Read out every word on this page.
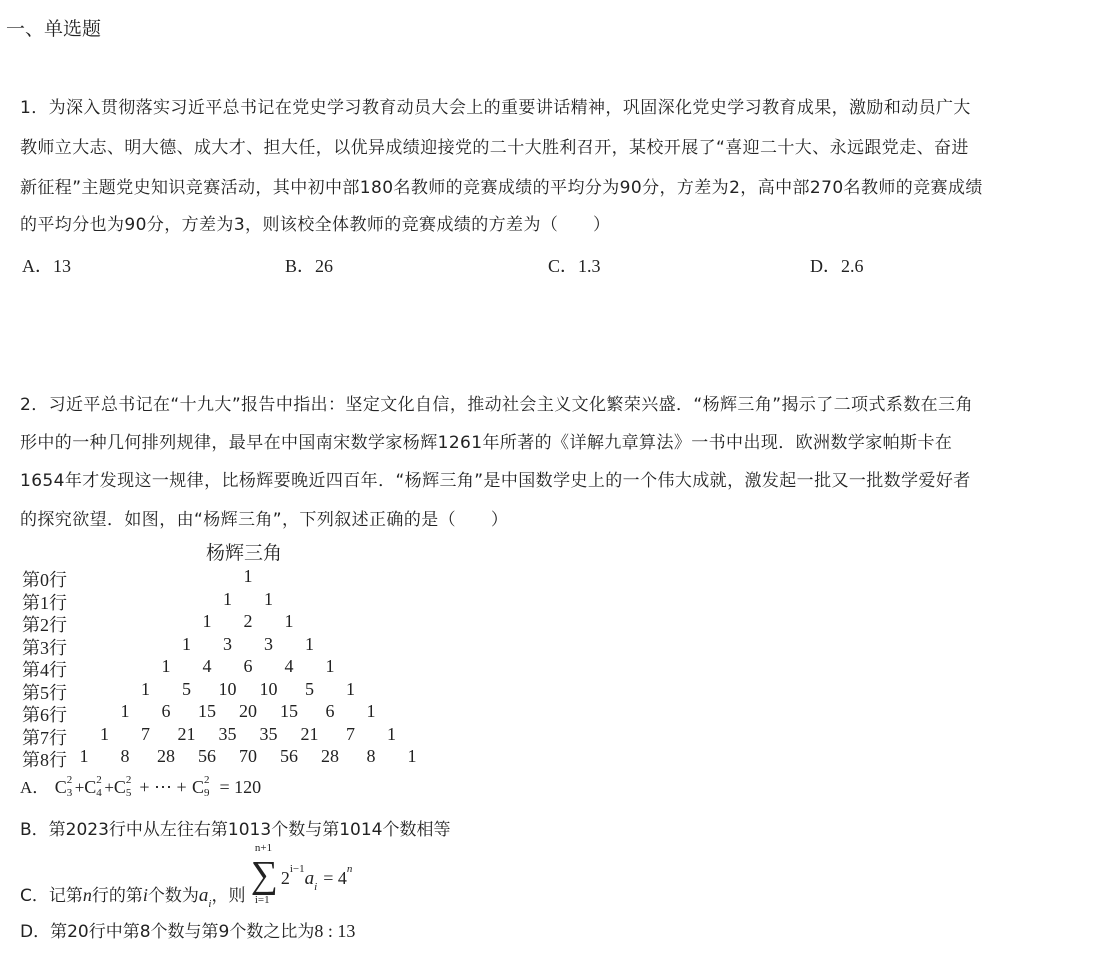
一、单选题
1．为深入贯彻落实习近平总书记在党史学习教育动员大会上的重要讲话精神，巩固深化党史学习教育成果，激励和动员广大
教师立大志、明大德、成大才、担大任，以优异成绩迎接党的二十大胜利召开，某校开展了“喜迎二十大、永远跟党走、奋进
新征程”主题党史知识竞赛活动，其中初中部180名教师的竞赛成绩的平均分为90分，方差为2，高中部270名教师的竞赛成绩
的平均分也为90分，方差为3，则该校全体教师的竞赛成绩的方差为（　　）
A．13	B．26	C．1.3	D．2.6
2．习近平总书记在“十九大”报告中指出：坚定文化自信，推动社会主义文化繁荣兴盛．“杨辉三角”揭示了二项式系数在三角
形中的一种几何排列规律，最早在中国南宋数学家杨辉1261年所著的《详解九章算法》一书中出现．欧洲数学家帕斯卡在
1654年才发现这一规律，比杨辉要晚近四百年．“杨辉三角”是中国数学史上的一个伟大成就，激发起一批又一批数学爱好者
的探究欲望．如图，由“杨辉三角”，下列叙述正确的是（　　）
杨辉三角
第0行	1
第1行	1 1
第2行	1 2 1
第3行	1 3 3 1
第4行	1 4 6 4 1
第5行	1 5 10 10 5 1
第6行	1 6 15 20 15 6 1
第7行 1 7 21 35 35 21 7 1
第8行 1 8 28 56 70 56 28 8 1
A． C 2
3 +C 2
4 +C 2
5 + ⋯ + C 2
9 = 120
B．第2023行中从左往右第1013个数与第1014个数相等
C．记第n行的第i个数为$a_i$，则
n+1
∑
i=1
$2^{i-1}a_i = 4^n$
D．第20行中第8个数与第9个数之比为8 : 13
